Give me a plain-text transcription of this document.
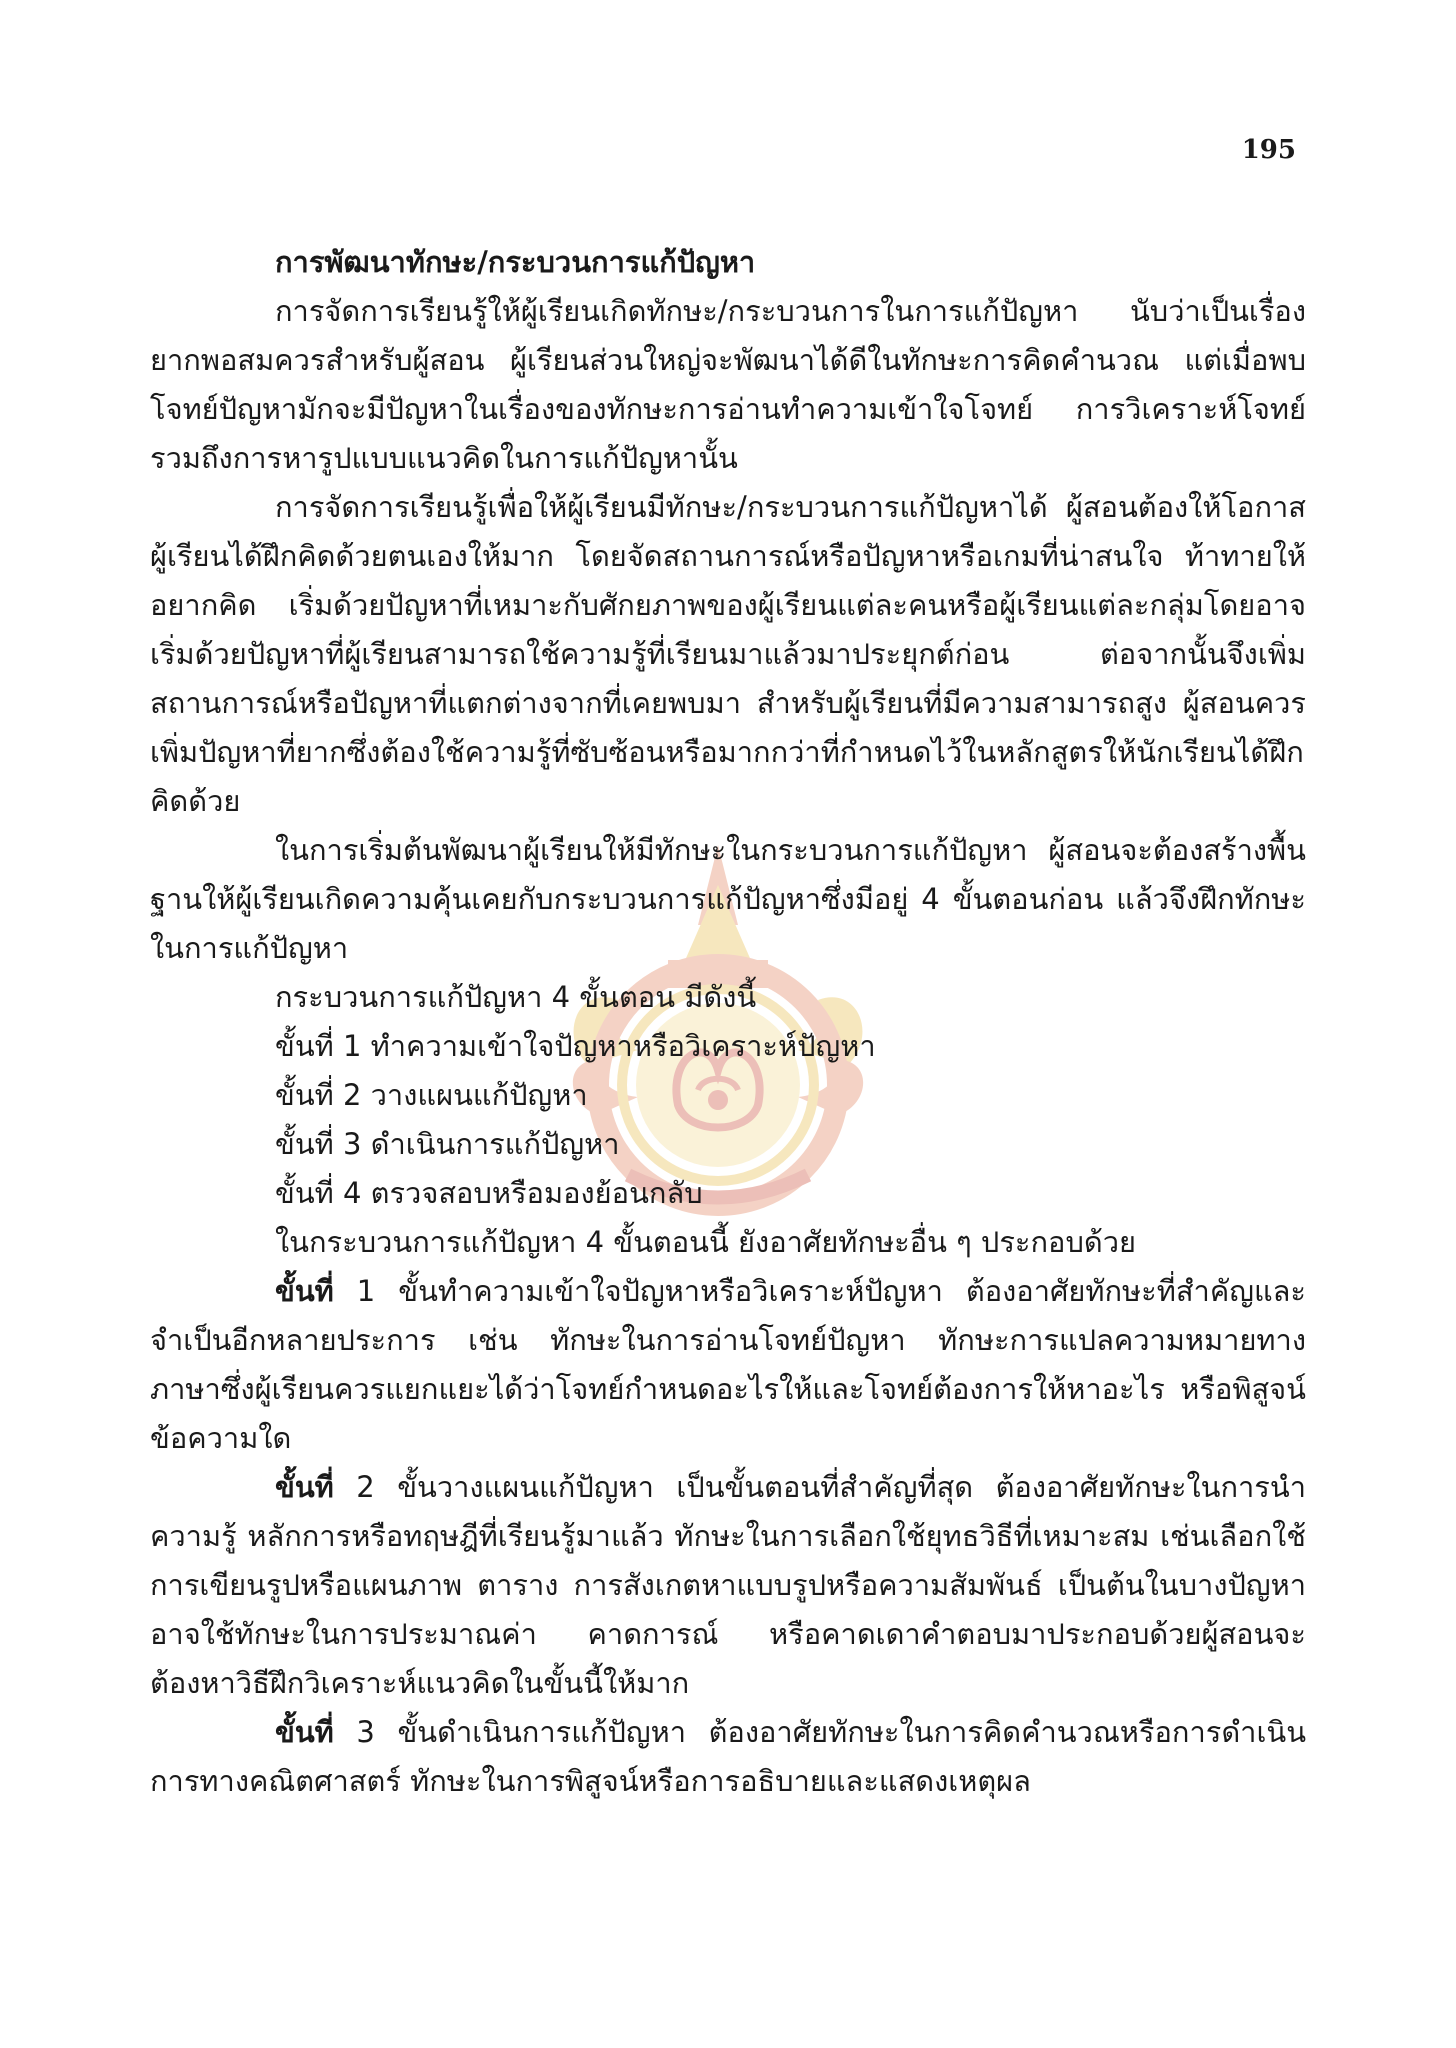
195

การพัฒนาทักษะ/กระบวนการแก้ปัญหา

การจัดการเรียนรู้ให้ผู้เรียนเกิดทักษะ/กระบวนการในการแก้ปัญหา นับว่าเป็นเรื่องยากพอสมควรสำหรับผู้สอน ผู้เรียนส่วนใหญ่จะพัฒนาได้ดีในทักษะการคิดคำนวณ แต่เมื่อพบโจทย์ปัญหามักจะมีปัญหาในเรื่องของทักษะการอ่านทำความเข้าใจโจทย์ การวิเคราะห์โจทย์รวมถึงการหารูปแบบแนวคิดในการแก้ปัญหานั้น

การจัดการเรียนรู้เพื่อให้ผู้เรียนมีทักษะ/กระบวนการแก้ปัญหาได้ ผู้สอนต้องให้โอกาสผู้เรียนได้ฝึกคิดด้วยตนเองให้มาก โดยจัดสถานการณ์หรือปัญหาหรือเกมที่น่าสนใจ ท้าทายให้อยากคิด เริ่มด้วยปัญหาที่เหมาะกับศักยภาพของผู้เรียนแต่ละคนหรือผู้เรียนแต่ละกลุ่มโดยอาจเริ่มด้วยปัญหาที่ผู้เรียนสามารถใช้ความรู้ที่เรียนมาแล้วมาประยุกต์ก่อน ต่อจากนั้นจึงเพิ่มสถานการณ์หรือปัญหาที่แตกต่างจากที่เคยพบมา สำหรับผู้เรียนที่มีความสามารถสูง ผู้สอนควรเพิ่มปัญหาที่ยากซึ่งต้องใช้ความรู้ที่ซับซ้อนหรือมากกว่าที่กำหนดไว้ในหลักสูตรให้นักเรียนได้ฝึกคิดด้วย

ในการเริ่มต้นพัฒนาผู้เรียนให้มีทักษะในกระบวนการแก้ปัญหา ผู้สอนจะต้องสร้างพื้นฐานให้ผู้เรียนเกิดความคุ้นเคยกับกระบวนการแก้ปัญหาซึ่งมีอยู่ 4 ขั้นตอนก่อน แล้วจึงฝึกทักษะในการแก้ปัญหา

กระบวนการแก้ปัญหา 4 ขั้นตอน มีดังนี้

ขั้นที่ 1 ทำความเข้าใจปัญหาหรือวิเคราะห์ปัญหา

ขั้นที่ 2 วางแผนแก้ปัญหา

ขั้นที่ 3 ดำเนินการแก้ปัญหา

ขั้นที่ 4 ตรวจสอบหรือมองย้อนกลับ

ในกระบวนการแก้ปัญหา 4 ขั้นตอนนี้ ยังอาศัยทักษะอื่น ๆ ประกอบด้วย

ขั้นที่ 1 ขั้นทำความเข้าใจปัญหาหรือวิเคราะห์ปัญหา ต้องอาศัยทักษะที่สำคัญและจำเป็นอีกหลายประการ เช่น ทักษะในการอ่านโจทย์ปัญหา ทักษะการแปลความหมายทางภาษาซึ่งผู้เรียนควรแยกแยะได้ว่าโจทย์กำหนดอะไรให้และโจทย์ต้องการให้หาอะไร หรือพิสูจน์ข้อความใด

ขั้นที่ 2 ขั้นวางแผนแก้ปัญหา เป็นขั้นตอนที่สำคัญที่สุด ต้องอาศัยทักษะในการนำความรู้ หลักการหรือทฤษฎีที่เรียนรู้มาแล้ว ทักษะในการเลือกใช้ยุทธวิธีที่เหมาะสม เช่นเลือกใช้การเขียนรูปหรือแผนภาพ ตาราง การสังเกตหาแบบรูปหรือความสัมพันธ์ เป็นต้นในบางปัญหาอาจใช้ทักษะในการประมาณค่า คาดการณ์ หรือคาดเดาคำตอบมาประกอบด้วยผู้สอนจะต้องหาวิธีฝึกวิเคราะห์แนวคิดในขั้นนี้ให้มาก

ขั้นที่ 3 ขั้นดำเนินการแก้ปัญหา ต้องอาศัยทักษะในการคิดคำนวณหรือการดำเนินการทางคณิตศาสตร์ ทักษะในการพิสูจน์หรือการอธิบายและแสดงเหตุผล
